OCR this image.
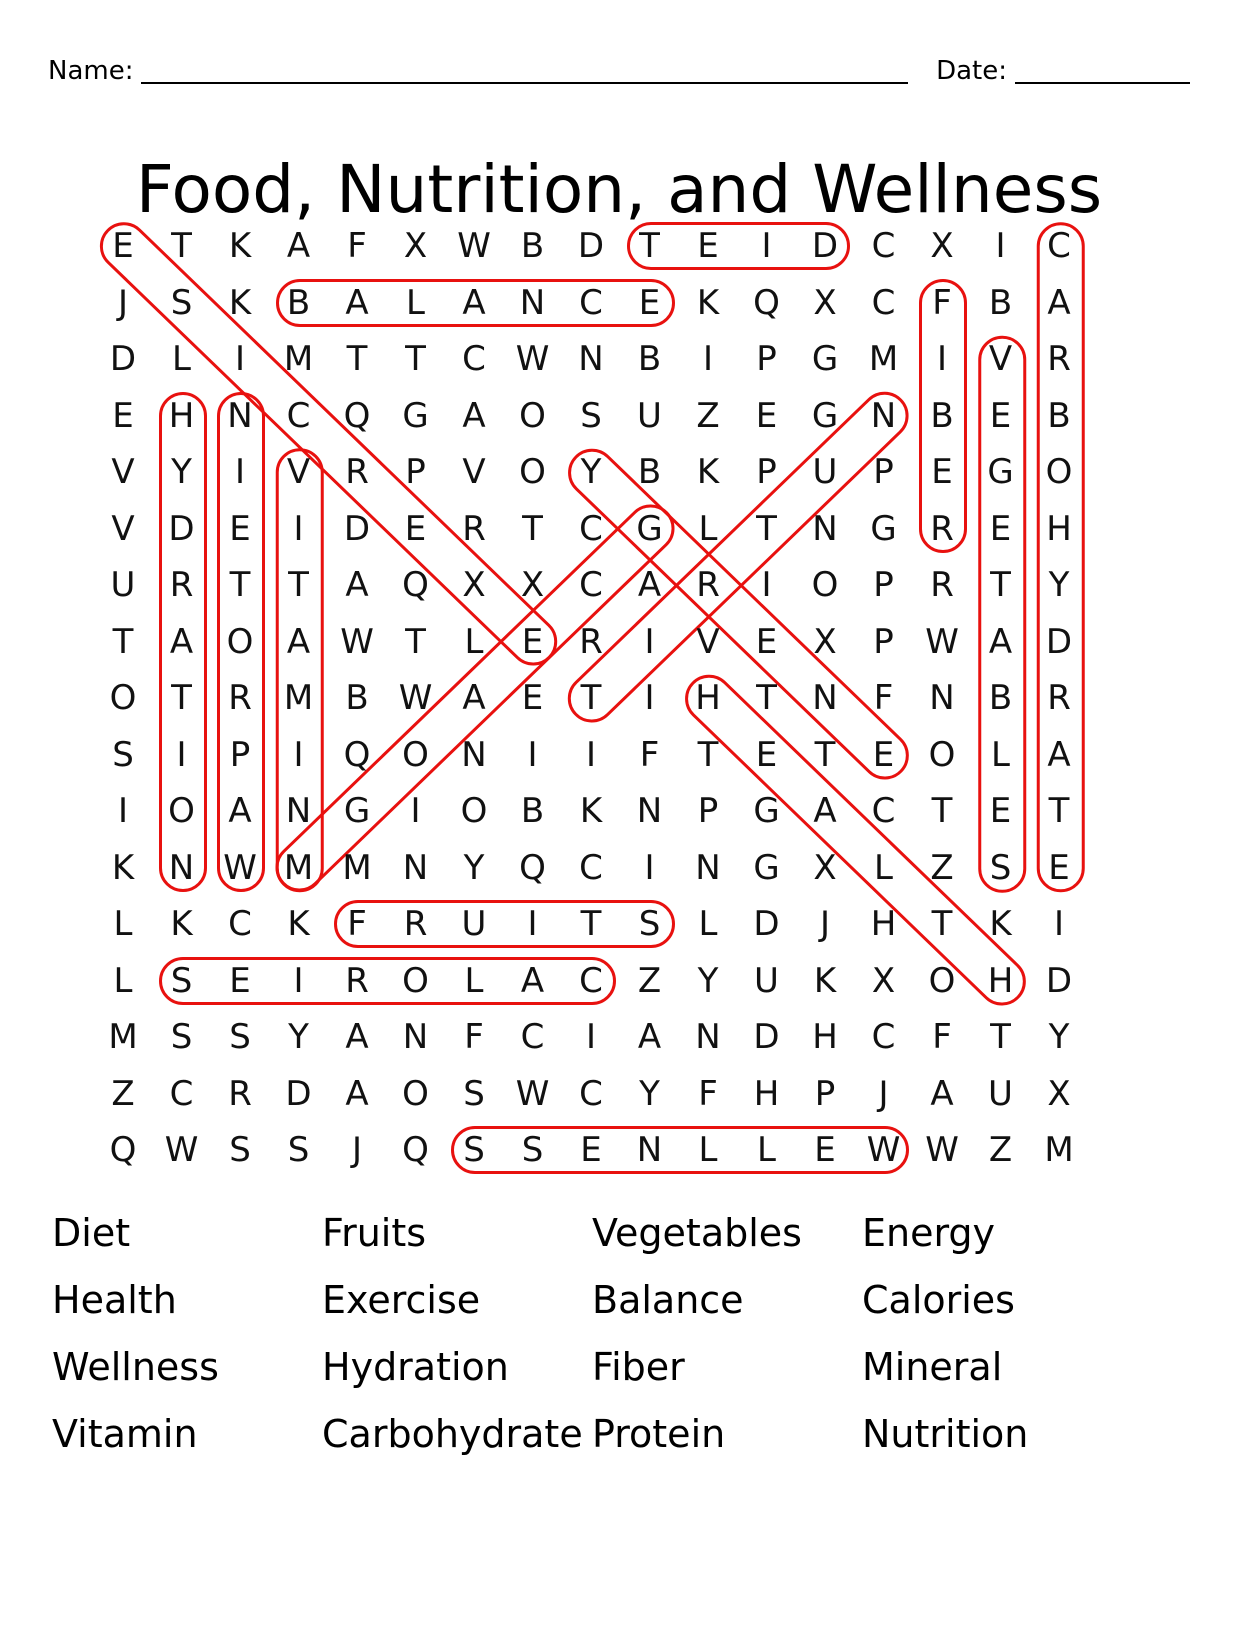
Name:	Date:
Food, Nutrition, and Wellness
E	T	K	A	F	X W B D	T	E	I	D C	X	I	C
J	S	K	B	A	L	A	N C	E	K Q X	C	F	B	A
D	L	I	M T	T	C W N	B	I	P	G M	I	V	R
E	H N C Q G A O	S	U	Z	E	G N	B	E	B
V	Y	I	V	R	P	V O	Y	B	K	P	U	P	E	G O
V D	E	I	D	E	R	T	C G	L	T	N G R	E	H
U	R	T	T	A Q X	X	C	A	R	I	O	P	R	T	Y
T	A O A W T	L	E	R	I	V	E	X	P W A D
O	T	R M B W A	E	T	I	H	T	N	F	N	B	R
S	I	P	I	Q O N	I	I	F	T	E	T	E	O	L	A
I	O A	N G	I	O B	K	N	P	G A	C	T	E	T
K	N W M M N	Y	Q C	I	N G X	L	Z	S	E
L	K	C	K	F	R	U	I	T	S	L	D	J	H	T	K	I
L	S	E	I	R O	L	A	C	Z	Y	U	K	X O H D
M S	S	Y	A	N	F	C	I	A	N D H C	F	T	Y
Z	C	R D A O	S W C	Y	F	H	P	J	A	U	X
Q W S	S	J	Q	S	S	E	N	L	L	E W W Z M
Diet	Fruits	Vegetables	Energy
Health	Exercise	Balance	Calories
Wellness	Hydration	Fiber	Mineral
Vitamin	Carbohydrate Protein	Nutrition
